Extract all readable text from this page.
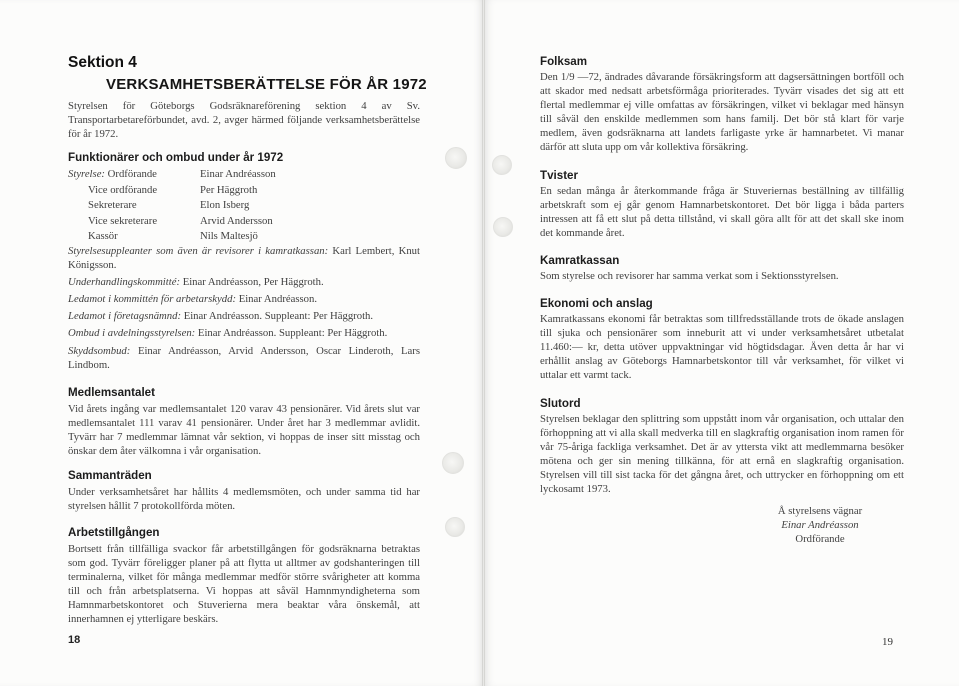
Sektion 4
VERKSAMHETSBERÄTTELSE FÖR ÅR 1972

Styrelsen för Göteborgs Godsräknareförening sektion 4 av Sv. Transportarbetareförbundet, avd. 2, avger härmed följande verksamhetsberättelse för år 1972.

Funktionärer och ombud under år 1972
Styrelse: Ordförande	Einar Andréasson
Vice ordförande	Per Häggroth
Sekreterare	Elon Isberg
Vice sekreterare	Arvid Andersson
Kassör	Nils Maltesjö

Styrelsesuppleanter som även är revisorer i kamratkassan: Karl Lembert, Knut Königsson.

Underhandlingskommitté: Einar Andréasson, Per Häggroth.

Ledamot i kommittén för arbetarskydd: Einar Andréasson.

Ledamot i företagsnämnd: Einar Andréasson. Suppleant: Per Häggroth.

Ombud i avdelningsstyrelsen: Einar Andréasson. Suppleant: Per Häggroth.

Skyddsombud: Einar Andréasson, Arvid Andersson, Oscar Linderoth, Lars Lindbom.

Medlemsantalet

Vid årets ingång var medlemsantalet 120 varav 43 pensionärer. Vid årets slut var medlemsantalet 111 varav 41 pensionärer. Under året har 3 medlemmar avlidit. Tyvärr har 7 medlemmar lämnat vår sektion, vi hoppas de inser sitt misstag och önskar dem åter välkomna i vår organisation.

Sammanträden

Under verksamhetsåret har hållits 4 medlemsmöten, och under samma tid har styrelsen hållit 7 protokollförda möten.

Arbetstillgången

Bortsett från tillfälliga svackor får arbetstillgången för godsräknarna betraktas som god. Tyvärr föreligger planer på att flytta ut alltmer av godshanteringen till terminalerna, vilket för många medlemmar medför större svårigheter att komma till och från arbetsplatserna. Vi hoppas att såväl Hamnmyndigheterna som Hamnmarbetskontoret och Stuverierna mera beaktar våra önskemål, att innerhamnen ej ytterligare beskärs.

18
Folksam

Den 1/9 —72, ändrades dåvarande försäkringsform att dagsersättningen bortföll och att skador med nedsatt arbetsförmåga prioriterades. Tyvärr visades det sig att ett flertal medlemmar ej ville omfattas av försäkringen, vilket vi beklagar med hänsyn till såväl den enskilde medlemmen som hans familj. Det bör stå klart för varje medlem, även godsräknarna att landets farligaste yrke är hamnarbetet. Vi manar därför att sluta upp om vår kollektiva försäkring.

Tvister

En sedan många år återkommande fråga är Stuveriernas beställning av tillfällig arbetskraft som ej går genom Hamnarbetskontoret. Det bör ligga i båda parters intressen att få ett slut på detta tillstånd, vi skall göra allt för att det skall ske inom det kommande året.

Kamratkassan

Som styrelse och revisorer har samma verkat som i Sektionsstyrelsen.

Ekonomi och anslag

Kamratkassans ekonomi får betraktas som tillfredsställande trots de ökade anslagen till sjuka och pensionärer som inneburit att vi under verksamhetsåret utbetalat 11.460:— kr, detta utöver uppvaktningar vid högtidsdagar. Även detta år har vi erhållit anslag av Göteborgs Hamnarbetskontor till vår verksamhet, för vilket vi uttalar ett varmt tack.

Slutord

Styrelsen beklagar den splittring som uppstått inom vår organisation, och uttalar den förhoppning att vi alla skall medverka till en slagkraftig organisation inom ramen för vår 75-åriga fackliga verksamhet. Det är av yttersta vikt att medlemmarna besöker mötena och ger sin mening tillkänna, för att ernå en slagkraftig organisation. Styrelsen vill till sist tacka för det gångna året, och uttrycker en förhoppning om ett lyckosamt 1973.

Å styrelsens vägnar
Einar Andréasson
Ordförande
19
